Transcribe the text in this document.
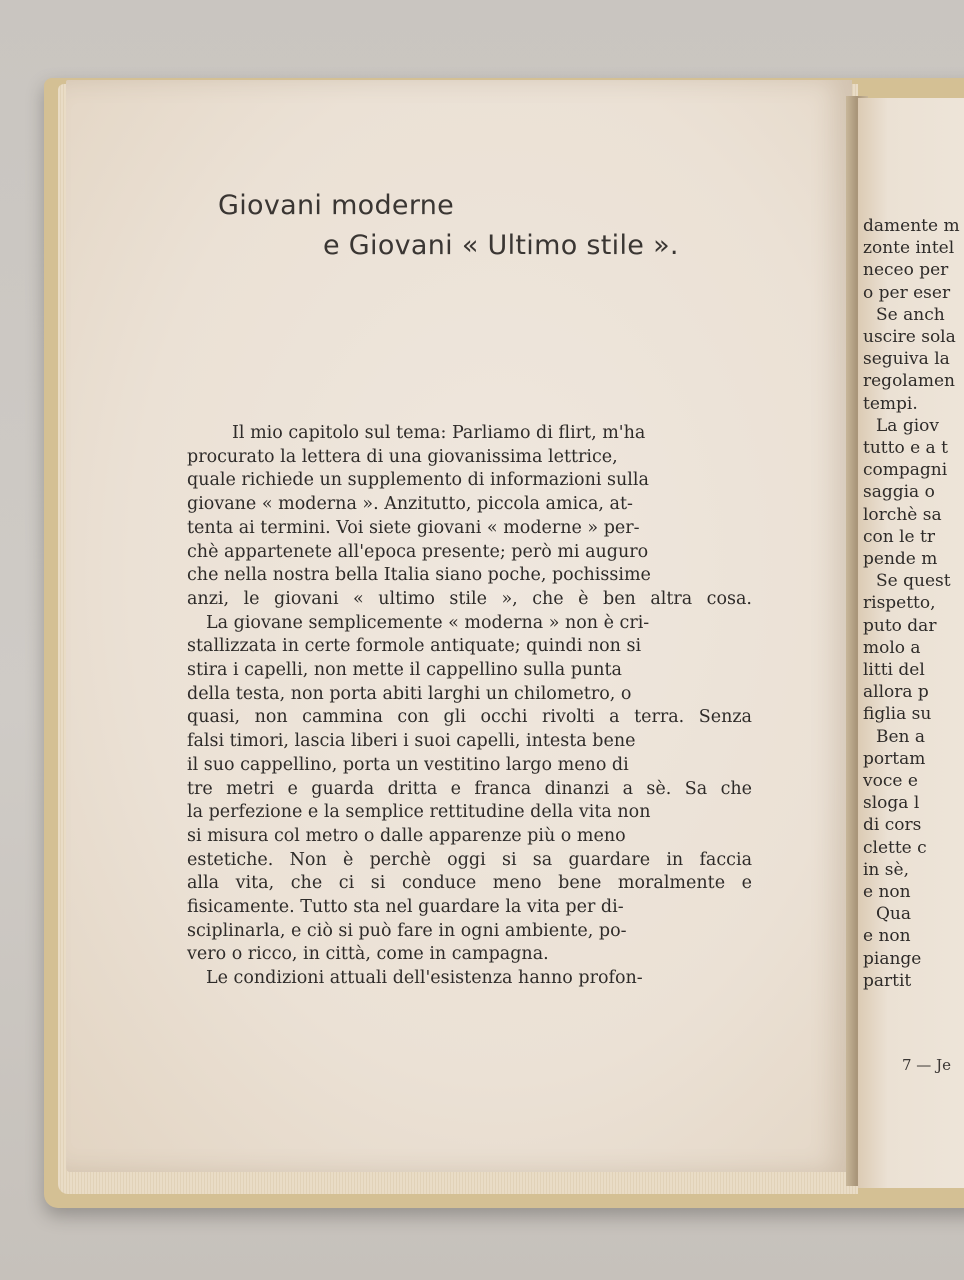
damente m
zonte intel
neceo per
o per eser
Se anch
uscire sola
seguiva la
regolamen
tempi.
La giov
tutto e a t
compagni
saggia o
lorchè sa
con le tr
pende m
Se quest
rispetto,
puto dar
molo a
litti del
allora p
figlia su
Ben a
portam
voce e
sloga l
di cors
clette c
in sè,
e non
Qua
e non
piange
partit
7 — Je
Giovani moderne
e Giovani « Ultimo stile ».
Il mio capitolo sul tema: Parliamo di flirt, m'ha
procurato la lettera di una giovanissima lettrice,
quale richiede un supplemento di informazioni sulla
giovane « moderna ». Anzitutto, piccola amica, at-
tenta ai termini. Voi siete giovani « moderne » per-
chè appartenete all'epoca presente; però mi auguro
che nella nostra bella Italia siano poche, pochissime
anzi, le giovani « ultimo stile », che è ben altra cosa.
La giovane semplicemente « moderna » non è cri-
stallizzata in certe formole antiquate; quindi non si
stira i capelli, non mette il cappellino sulla punta
della testa, non porta abiti larghi un chilometro, o
quasi, non cammina con gli occhi rivolti a terra. Senza
falsi timori, lascia liberi i suoi capelli, intesta bene
il suo cappellino, porta un vestitino largo meno di
tre metri e guarda dritta e franca dinanzi a sè. Sa che
la perfezione e la semplice rettitudine della vita non
si misura col metro o dalle apparenze più o meno
estetiche. Non è perchè oggi si sa guardare in faccia
alla vita, che ci si conduce meno bene moralmente e
fisicamente. Tutto sta nel guardare la vita per di-
sciplinarla, e ciò si può fare in ogni ambiente, po-
vero o ricco, in città, come in campagna.
Le condizioni attuali dell'esistenza hanno profon-
